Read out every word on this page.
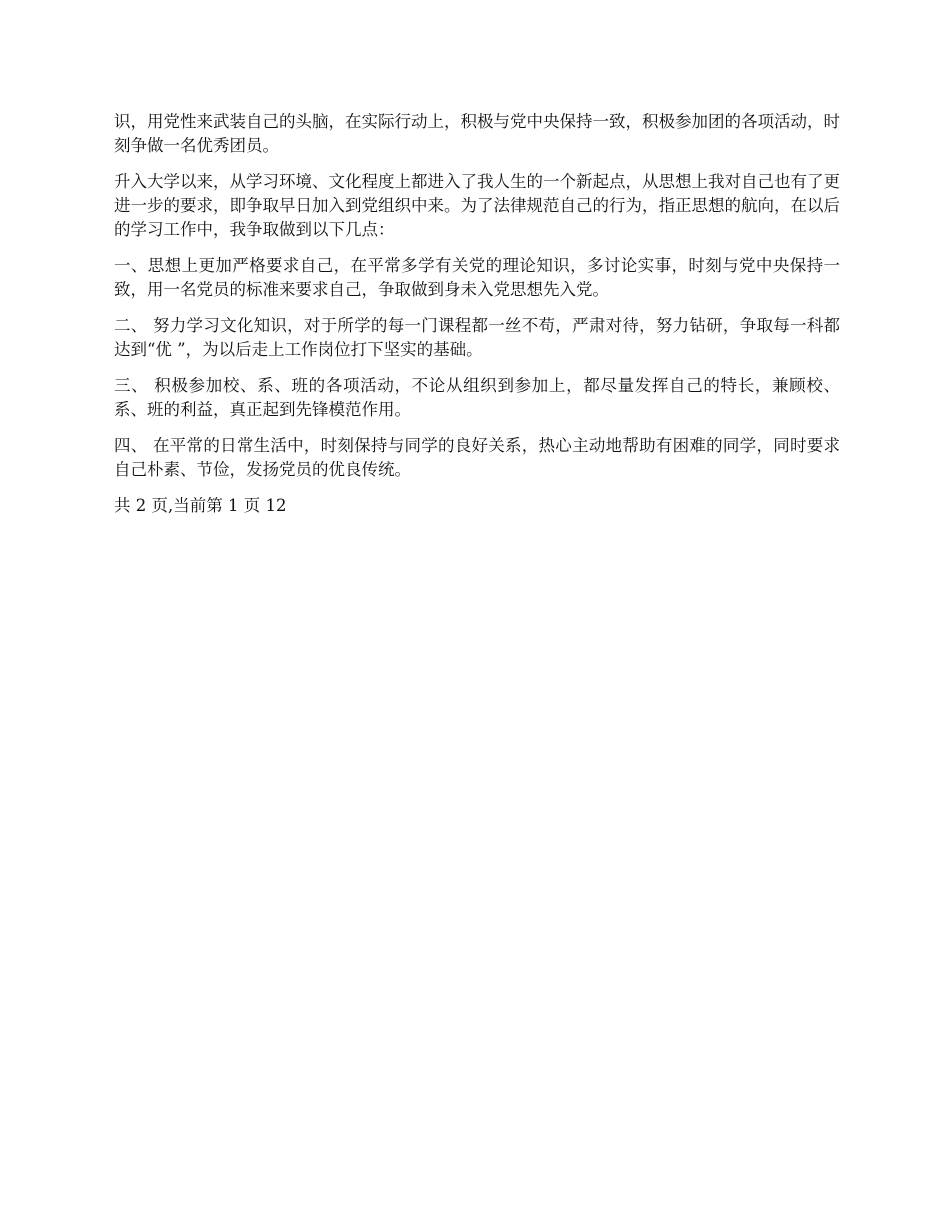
识，用党性来武装自己的头脑，在实际行动上，积极与党中央保持一致，积极参加团的各项活动，时刻争做一名优秀团员。

升入大学以来，从学习环境、文化程度上都进入了我人生的一个新起点，从思想上我对自己也有了更进一步的要求，即争取早日加入到党组织中来。为了法律规范自己的行为，指正思想的航向，在以后的学习工作中，我争取做到以下几点：

一、思想上更加严格要求自己，在平常多学有关党的理论知识，多讨论实事，时刻与党中央保持一致，用一名党员的标准来要求自己，争取做到身未入党思想先入党。

二、 努力学习文化知识，对于所学的每一门课程都一丝不苟，严肃对待，努力钻研，争取每一科都达到“优 ”，为以后走上工作岗位打下坚实的基础。

三、 积极参加校、系、班的各项活动，不论从组织到参加上，都尽量发挥自己的特长，兼顾校、系、班的利益，真正起到先锋模范作用。

四、 在平常的日常生活中，时刻保持与同学的良好关系，热心主动地帮助有困难的同学，同时要求自己朴素、节俭，发扬党员的优良传统。

共 2 页,当前第 1 页 12
